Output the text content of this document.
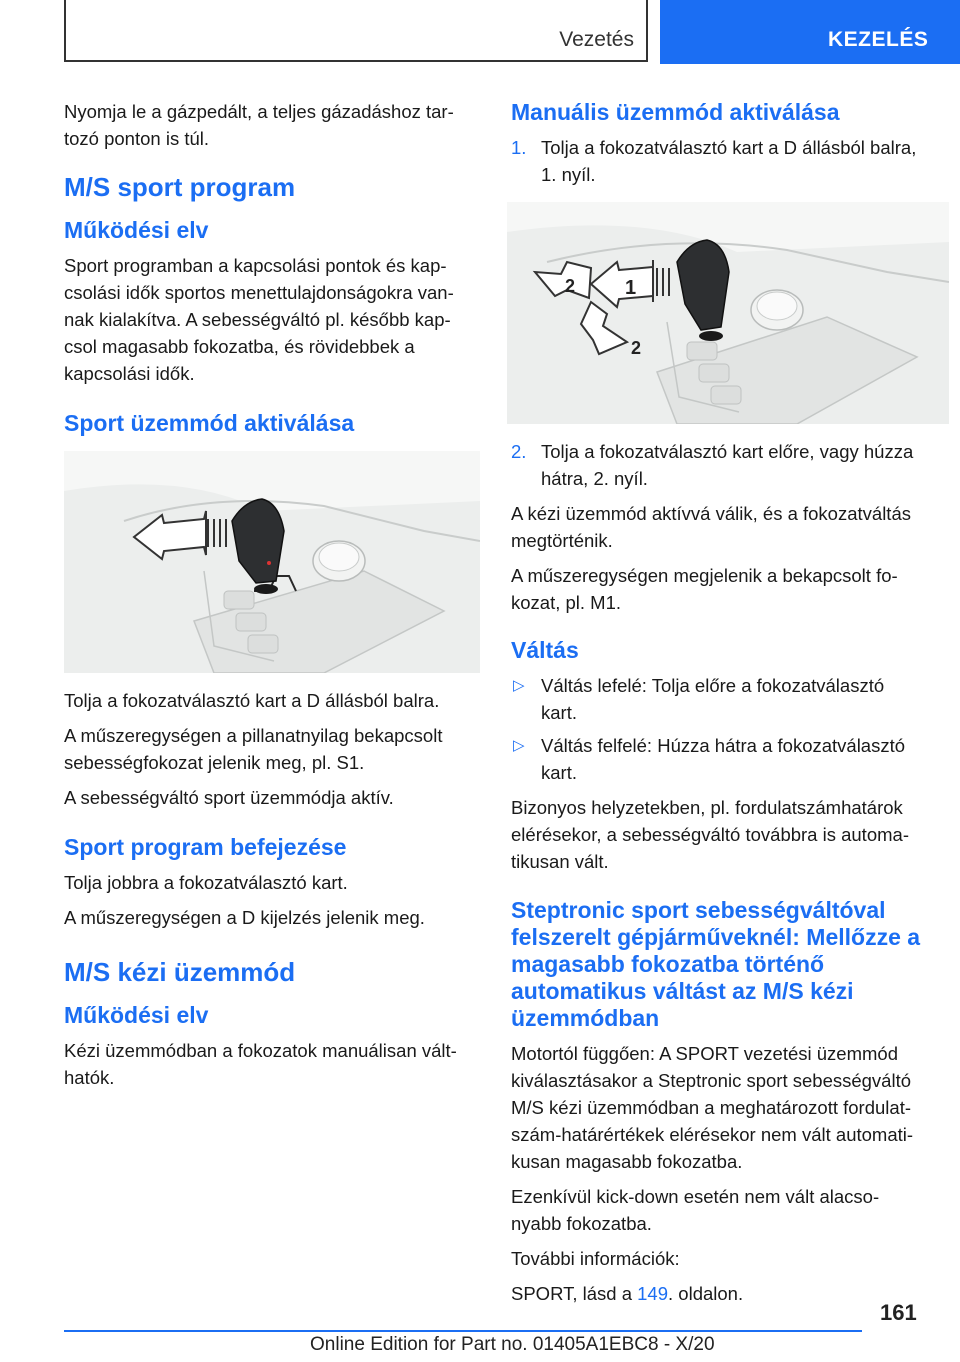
Vezetés	KEZELÉS

Nyomja le a gázpedált, a teljes gázadáshoz tar-tozó ponton is túl.

M/S sport program
Működési elv

Sport programban a kapcsolási pontok és kap-csolási idők sportos menettulajdonságokra van-nak kialakítva. A sebességváltó pl. később kap-csol magasabb fokozatba, és rövidebbek a kapcsolási idők.

Sport üzemmód aktiválása

Tolja a fokozatválasztó kart a D állásból balra.

A műszeregységen a pillanatnyilag bekapcsolt sebességfokozat jelenik meg, pl. S1.

A sebességváltó sport üzemmódja aktív.

Sport program befejezése

Tolja jobbra a fokozatválasztó kart.

A műszeregységen a D kijelzés jelenik meg.

M/S kézi üzemmód
Működési elv

Kézi üzemmódban a fokozatok manuálisan vált-hatók.

Manuális üzemmód aktiválása
1. Tolja a fokozatválasztó kart a D állásból balra, 1. nyíl.
1
2
2
2. Tolja a fokozatválasztó kart előre, vagy húzza hátra, 2. nyíl.

A kézi üzemmód aktívvá válik, és a fokozatváltás megtörténik.

A műszeregységen megjelenik a bekapcsolt fo-kozat, pl. M1.

Váltás
▷ Váltás lefelé: Tolja előre a fokozatválasztó kart.
▷ Váltás felfelé: Húzza hátra a fokozatválasztó kart.

Bizonyos helyzetekben, pl. fordulatszámhatárok elérésekor, a sebességváltó továbbra is automa-tikusan vált.

Steptronic sport sebességváltóval felszerelt gépjárműveknél: Mellőzze a magasabb fokozatba történő automatikus váltást az M/S kézi üzemmódban

Motortól függően: A SPORT vezetési üzemmód kiválasztásakor a Steptronic sport sebességváltó M/S kézi üzemmódban a meghatározott fordulat-szám-határértékek elérésekor nem vált automati-kusan magasabb fokozatba.

Ezenkívül kick-down esetén nem vált alacso-nyabb fokozatba.

További információk:

SPORT, lásd a 149. oldalon.

161
Online Edition for Part no. 01405A1EBC8 - X/20
